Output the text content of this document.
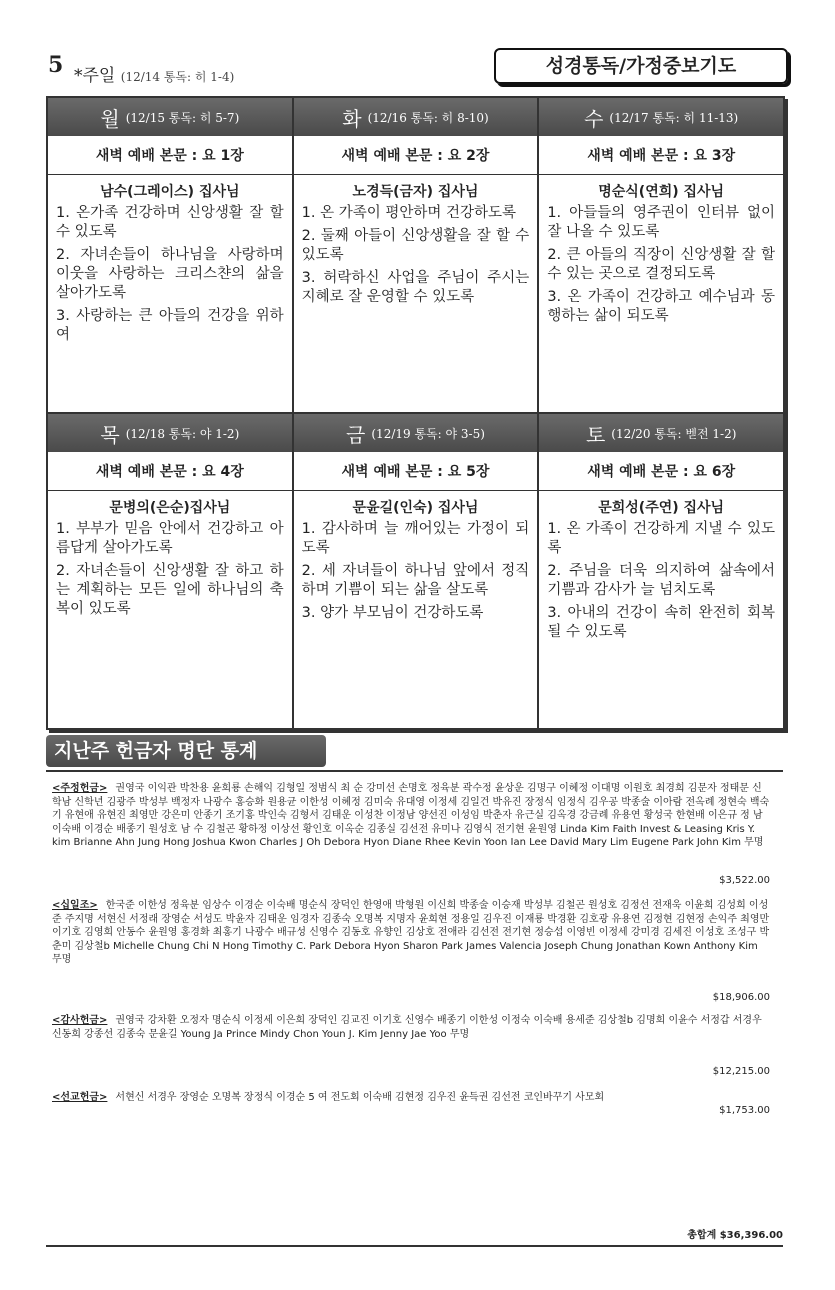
5 *주일 (12/14 통독: 히 1-4)	성경통독/가정중보기도
월 (12/15 통독: 히 5-7)
새벽 예배 본문 : 요 1장
남수(그레이스) 집사님
1. 온가족 건강하며 신앙생활 잘 할 수 있도록
2. 자녀손들이 하나님을 사랑하며 이웃을 사랑하는 크리스챤의 삶을 살아가도록
3. 사랑하는 큰 아들의 건강을 위하여
화 (12/16 통독: 히 8-10)
새벽 예배 본문 : 요 2장
노경득(금자) 집사님
1. 온 가족이 평안하며 건강하도록
2. 둘째 아들이 신앙생활을 잘 할 수 있도록
3. 허락하신 사업을 주님이 주시는 지혜로 잘 운영할 수 있도록
수 (12/17 통독: 히 11-13)
새벽 예배 본문 : 요 3장
명순식(연희) 집사님
1. 아들들의 영주권이 인터뷰 없이 잘 나올 수 있도록
2. 큰 아들의 직장이 신앙생활 잘 할 수 있는 곳으로 결정되도록
3. 온 가족이 건강하고 예수님과 동행하는 삶이 되도록
목 (12/18 통독: 야 1-2)
새벽 예배 본문 : 요 4장
문병의(은순)집사님
1. 부부가 믿음 안에서 건강하고 아름답게 살아가도록
2. 자녀손들이 신앙생활 잘 하고 하는 계획하는 모든 일에 하나님의 축복이 있도록
금 (12/19 통독: 야 3-5)
새벽 예배 본문 : 요 5장
문윤길(인숙) 집사님
1. 감사하며 늘 깨어있는 가정이 되도록
2. 세 자녀들이 하나님 앞에서 정직하며 기쁨이 되는 삶을 살도록
3. 양가 부모님이 건강하도록
토 (12/20 통독: 벧전 1-2)
새벽 예배 본문 : 요 6장
문희성(주연) 집사님
1. 온 가족이 건강하게 지낼 수 있도록
2. 주님을 더욱 의지하여 삶속에서 기쁨과 감사가 늘 넘치도록
3. 아내의 건강이 속히 완전히 회복 될 수 있도록
지난주 헌금자 명단 통계
<주정헌금> 권영국 이익관 박찬용 윤희룡 손해익 김형일 정범식 최 순 강미선 손명호 정육분 곽수정 윤상운 김명구 이혜정 이대명 이원호 최경희 김문자 정태문 신학남 신학년 김광주 박성부 백정자 나광수 홍승화 원용균 이한성 이혜정 김미숙 유대영 이정세 김일건 박유진 장정식 임정식 김우공 박종술 이아람 전옥례 정현숙 백숙기 유현애 유현진 최영만 강은미 안종기 조기홍 박인숙 김형서 김태운 이성찬 이정남 양선진 이성임 박춘자 유근실 김옥경 강금례 유용연 황성국 한현배 이은규 정 남 이숙배 이경순 배종기 원성호 남 수 김철곤 황하정 이상선 황인호 이옥순 김종실 김선전 유미나 김영식 전기현 윤원영 Linda Kim Faith Invest & Leasing Kris Y. kim Brianne Ahn Jung Hong Joshua Kwon Charles J Oh Debora Hyon Diane Rhee Kevin Yoon Ian Lee David Mary Lim Eugene Park John Kim 무명
$3,522.00
<십일조> 한국준 이한성 정육분 임상수 이경순 이숙배 명순식 장덕인 한영애 박형원 이신희 박종술 이승재 박성부 김철곤 원성호 김정선 전재욱 이윤희 김성희 이성준 주지명 서현신 서정래 장영순 서성도 박윤자 김태운 임경자 김종숙 오명복 지명자 윤희현 정용일 김우진 이재룡 박경환 김호광 유용연 김정현 김현정 손익주 최영만 이기호 김영희 안동수 윤원영 홍경화 최홍기 나광수 배규성 신영수 김동호 유향인 김상호 전애라 김선전 전기현 정승섭 이영빈 이정세 강미경 김세진 이성호 조성구 박춘미 김상철b Michelle Chung Chi N Hong Timothy C. Park Debora Hyon Sharon Park James Valencia Joseph Chung Jonathan Kown Anthony Kim 무명
$18,906.00
<감사헌금> 권영국 강차환 오정자 명순식 이정세 이은희 장덕인 김교진 이기호 신영수 배종기 이한성 이정숙 이숙배 용세준 김상철b 김명희 이윤수 서정갑 서경우 신동희 강종선 김종숙 문윤길 Young Ja Prince Mindy Chon Youn J. Kim Jenny Jae Yoo 무명
$12,215.00
<선교헌금> 서현신 서경우 장영순 오명복 장정식 이경순 5 여 전도회 이숙배 김현정 김우진 윤득권 김선전 코인바꾸기 사모회
$1,753.00
총합계 $36,396.00
